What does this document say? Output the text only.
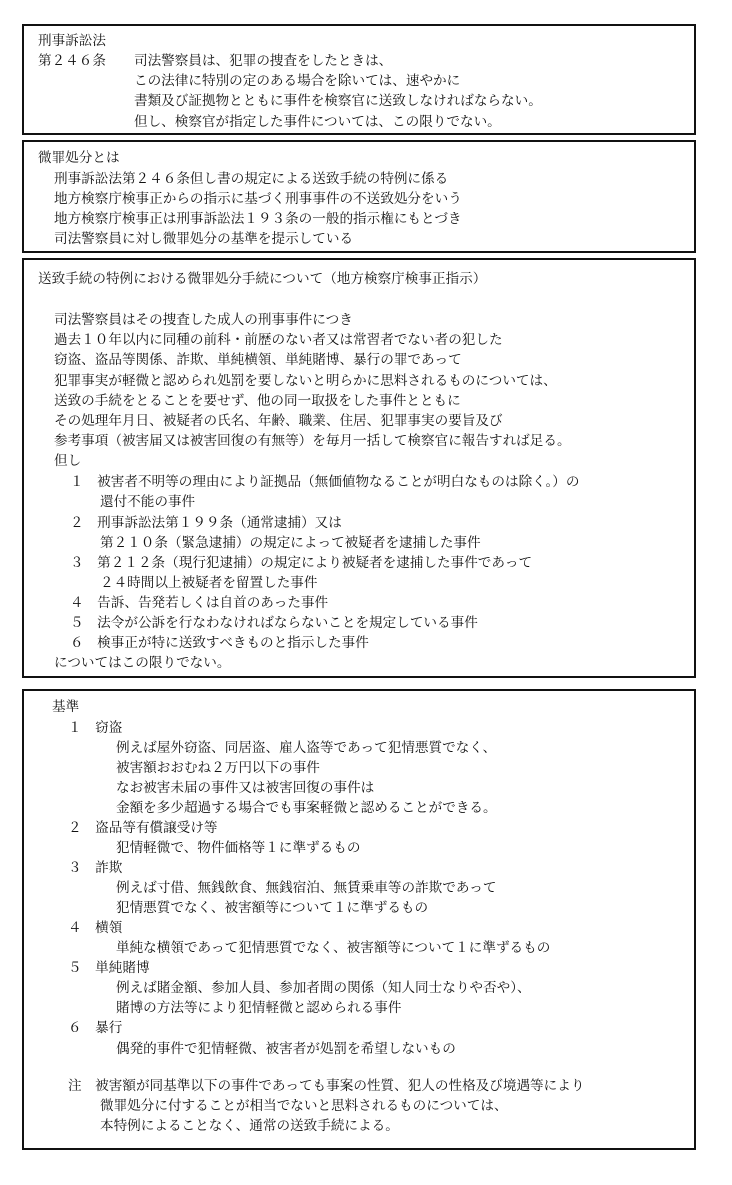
刑事訴訟法
第２４６条 司法警察員は、犯罪の捜査をしたときは、
この法律に特別の定のある場合を除いては、速やかに
書類及び証拠物とともに事件を検察官に送致しなければならない。
但し、検察官が指定した事件については、この限りでない。
微罪処分とは
刑事訴訟法第２４６条但し書の規定による送致手続の特例に係る
地方検察庁検事正からの指示に基づく刑事事件の不送致処分をいう
地方検察庁検事正は刑事訴訟法１９３条の一般的指示権にもとづき
司法警察員に対し微罪処分の基準を提示している
送致手続の特例における微罪処分手続について（地方検察庁検事正指示）
司法警察員はその捜査した成人の刑事事件につき
過去１０年以内に同種の前科・前歴のない者又は常習者でない者の犯した
窃盗、盗品等関係、詐欺、単純横領、単純賭博、暴行の罪であって
犯罪事実が軽微と認められ処罰を要しないと明らかに思料されるものについては、
送致の手続をとることを要せず、他の同一取扱をした事件とともに
その処理年月日、被疑者の氏名、年齢、職業、住居、犯罪事実の要旨及び
参考事項（被害届又は被害回復の有無等）を毎月一括して検察官に報告すれば足る。
但し
１　被害者不明等の理由により証拠品（無価値物なることが明白なものは除く。）の
還付不能の事件
２　刑事訴訟法第１９９条（通常逮捕）又は
第２１０条（緊急逮捕）の規定によって被疑者を逮捕した事件
３　第２１２条（現行犯逮捕）の規定により被疑者を逮捕した事件であって
２４時間以上被疑者を留置した事件
４　告訴、告発若しくは自首のあった事件
５　法令が公訴を行なわなければならないことを規定している事件
６　検事正が特に送致すべきものと指示した事件
についてはこの限りでない。
基準
１　窃盗
例えば屋外窃盗、同居盗、雇人盗等であって犯情悪質でなく、
被害額おおむね２万円以下の事件
なお被害未届の事件又は被害回復の事件は
金額を多少超過する場合でも事案軽微と認めることができる。
２　盗品等有償譲受け等
犯情軽微で、物件価格等１に準ずるもの
３　詐欺
例えば寸借、無銭飲食、無銭宿泊、無賃乗車等の詐欺であって
犯情悪質でなく、被害額等について１に準ずるもの
４　横領
単純な横領であって犯情悪質でなく、被害額等について１に準ずるもの
５　単純賭博
例えば賭金額、参加人員、参加者間の関係（知人同士なりや否や）、
賭博の方法等により犯情軽微と認められる事件
６　暴行
偶発的事件で犯情軽微、被害者が処罰を希望しないもの
注　被害額が同基準以下の事件であっても事案の性質、犯人の性格及び境遇等により
微罪処分に付することが相当でないと思料されるものについては、
本特例によることなく、通常の送致手続による。
